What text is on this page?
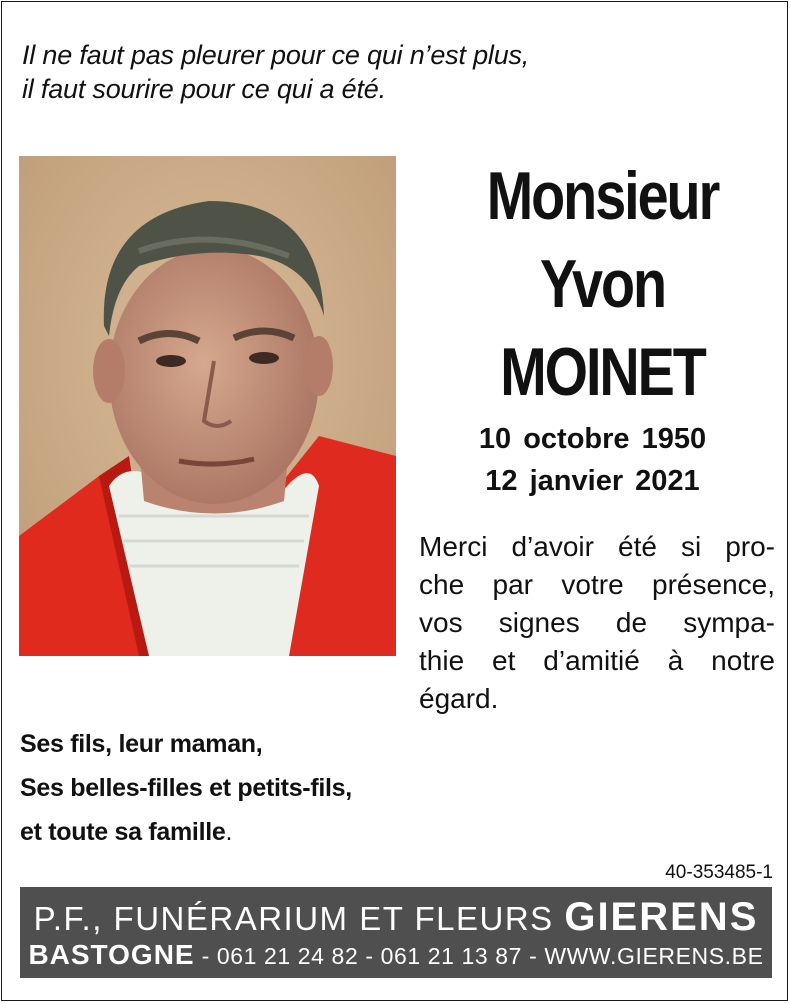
Il ne faut pas pleurer pour ce qui n’est plus,
il faut sourire pour ce qui a été.
Monsieur
Yvon
MOINET
10 octobre 1950
12 janvier 2021
Merci d’avoir été si pro-
che par votre présence,
vos signes de sympa-
thie et d’amitié à notre
égard.
Ses fils, leur maman,
Ses belles-filles et petits-fils,
et toute sa famille.
40-353485-1
P.F., FUNÉRARIUM ET FLEURS GIERENS
BASTOGNE - 061 21 24 82 - 061 21 13 87 - WWW.GIERENS.BE
